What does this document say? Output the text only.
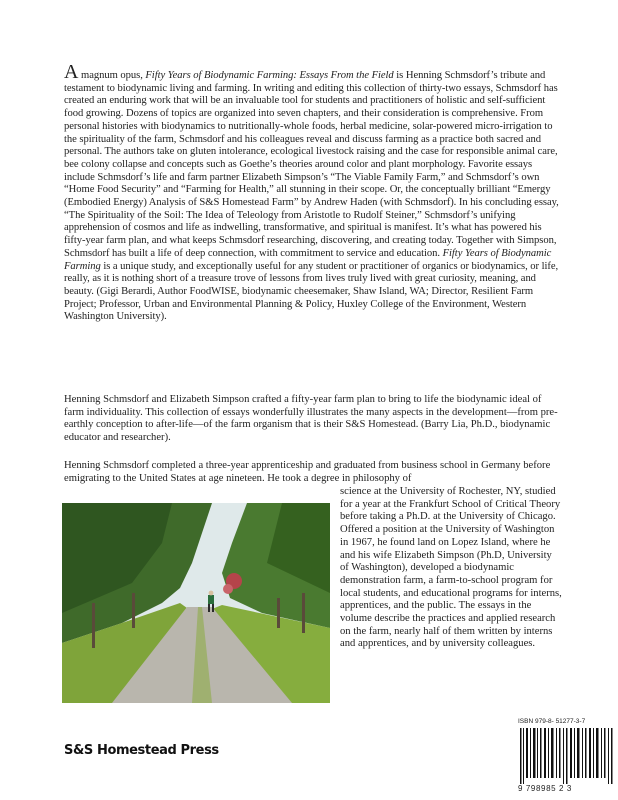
A magnum opus, Fifty Years of Biodynamic Farming: Essays From the Field is Henning Schmsdorf’s tribute and testament to biodynamic living and farming. In writing and editing this collection of thirty-two essays, Schmsdorf has created an enduring work that will be an invaluable tool for students and practitioners of holistic and self-sufficient food growing. Dozens of topics are organized into seven chapters, and their consideration is comprehensive. From personal histories with biodynamics to nutritionally-whole foods, herbal medicine, solar-powered micro-irrigation to the spirituality of the farm, Schmsdorf and his colleagues reveal and discuss farming as a practice both sacred and personal. The authors take on gluten intolerance, ecological livestock raising and the case for responsible animal care, bee colony collapse and concepts such as Goethe’s theories around color and plant morphology. Favorite essays include Schmsdorf’s life and farm partner Elizabeth Simpson’s “The Viable Family Farm,” and Schmsdorf’s own “Home Food Security” and “Farming for Health,” all stunning in their scope. Or, the conceptually brilliant “Emergy (Embodied Energy) Analysis of S&S Homestead Farm” by Andrew Haden (with Schmsdorf). In his concluding essay, “The Spirituality of the Soil: The Idea of Teleology from Aristotle to Rudolf Steiner,” Schmsdorf’s unifying apprehension of cosmos and life as indwelling, transformative, and spiritual is manifest. It’s what has powered his fifty-year farm plan, and what keeps Schmsdorf researching, discovering, and creating today. Together with Simpson, Schmsdorf has built a life of deep connection, with commitment to service and education. Fifty Years of Biodynamic Farming is a unique study, and exceptionally useful for any student or practitioner of organics or biodynamics, or life, really, as it is nothing short of a treasure trove of lessons from lives truly lived with great curiosity, meaning, and beauty. (Gigi Berardi, Author FoodWISE, biodynamic cheesemaker, Shaw Island, WA; Director, Resilient Farm Project; Professor, Urban and Environmental Planning & Policy, Huxley College of the Environment, Western Washington University).

Henning Schmsdorf and Elizabeth Simpson crafted a fifty-year farm plan to bring to life the biodynamic ideal of farm individuality. This collection of essays wonderfully illustrates the many aspects in the development—from pre-earthly conception to after-life—of the farm organism that is their S&S Homestead. (Barry Lia, Ph.D., biodynamic educator and researcher).

Henning Schmsdorf completed a three-year apprenticeship and graduated from business school in Germany before emigrating to the United States at age nineteen. He took a degree in philosophy of

science at the University of Rochester, NY, studied for a year at the Frankfurt School of Critical Theory before taking a Ph.D. at the University of Chicago. Offered a position at the University of Washington in 1967, he found land on Lopez Island, where he and his wife Elizabeth Simpson (Ph.D, University of Washington), developed a biodynamic demonstration farm, a farm-to-school program for local students, and educational programs for interns, apprentices, and the public. The essays in the volume describe the practices and applied research on the farm, nearly half of them written by interns and apprentices, and by university colleagues.

S&S Homestead Press
ISBN 979-8- 51277-3-7
9 798985 2 3
